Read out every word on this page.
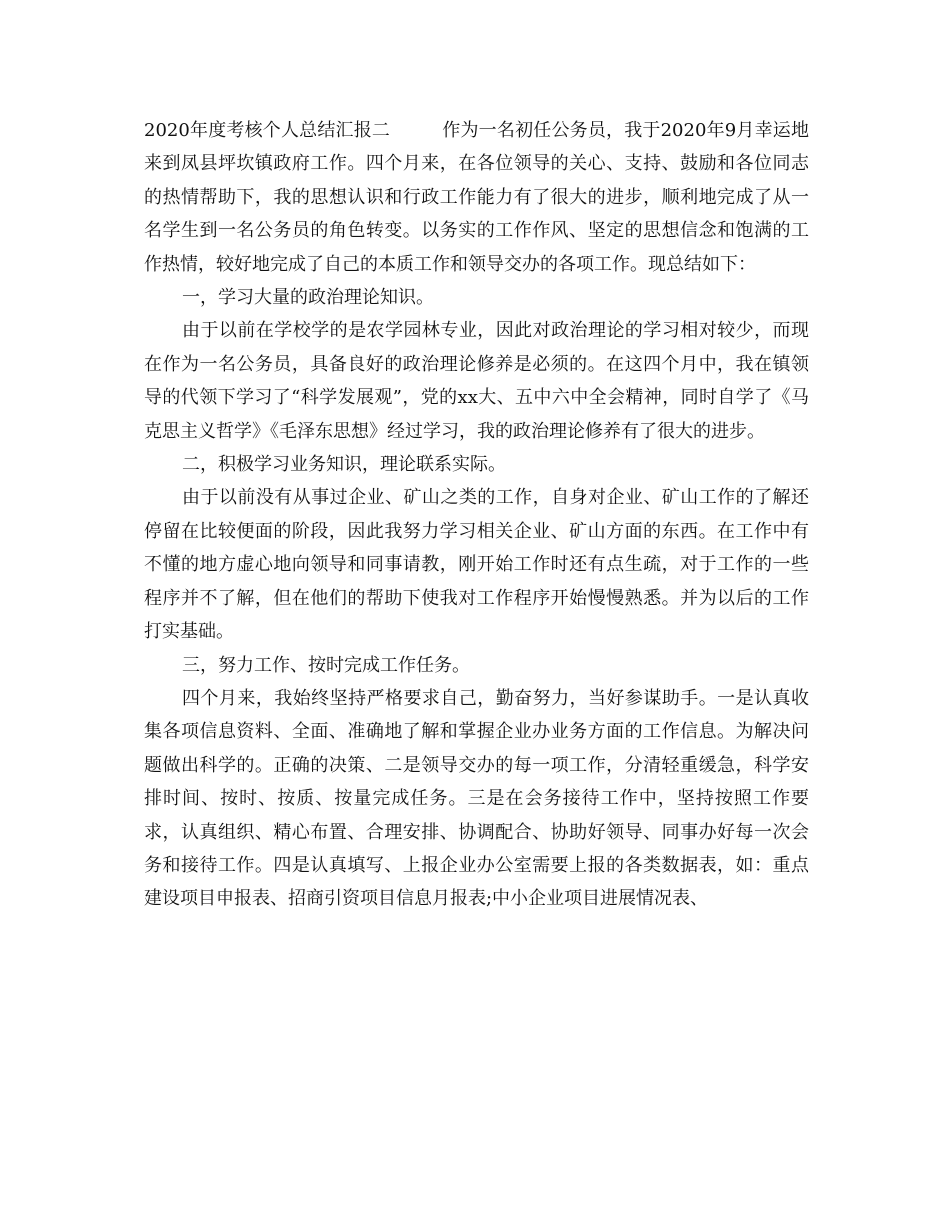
2020年度考核个人总结汇报二	作为一名初任公务员，我于2020年9月幸运地来到凤县坪坎镇政府工作。四个月来，在各位领导的关心、支持、鼓励和各位同志的热情帮助下，我的思想认识和行政工作能力有了很大的进步，顺利地完成了从一名学生到一名公务员的角色转变。以务实的工作作风、坚定的思想信念和饱满的工作热情，较好地完成了自己的本质工作和领导交办的各项工作。现总结如下：

一，学习大量的政治理论知识。

由于以前在学校学的是农学园林专业，因此对政治理论的学习相对较少，而现在作为一名公务员，具备良好的政治理论修养是必须的。在这四个月中，我在镇领导的代领下学习了“科学发展观”，党的xx大、五中六中全会精神，同时自学了《马克思主义哲学》《毛泽东思想》经过学习，我的政治理论修养有了很大的进步。

二，积极学习业务知识，理论联系实际。

由于以前没有从事过企业、矿山之类的工作，自身对企业、矿山工作的了解还停留在比较便面的阶段，因此我努力学习相关企业、矿山方面的东西。在工作中有不懂的地方虚心地向领导和同事请教，刚开始工作时还有点生疏，对于工作的一些程序并不了解，但在他们的帮助下使我对工作程序开始慢慢熟悉。并为以后的工作打实基础。

三，努力工作、按时完成工作任务。

四个月来，我始终坚持严格要求自己，勤奋努力，当好参谋助手。一是认真收集各项信息资料、全面、准确地了解和掌握企业办业务方面的工作信息。为解决问题做出科学的。正确的决策、二是领导交办的每一项工作，分清轻重缓急，科学安排时间、按时、按质、按量完成任务。三是在会务接待工作中，坚持按照工作要求，认真组织、精心布置、合理安排、协调配合、协助好领导、同事办好每一次会务和接待工作。四是认真填写、上报企业办公室需要上报的各类数据表，如：重点建设项目申报表、招商引资项目信息月报表;中小企业项目进展情况表、
